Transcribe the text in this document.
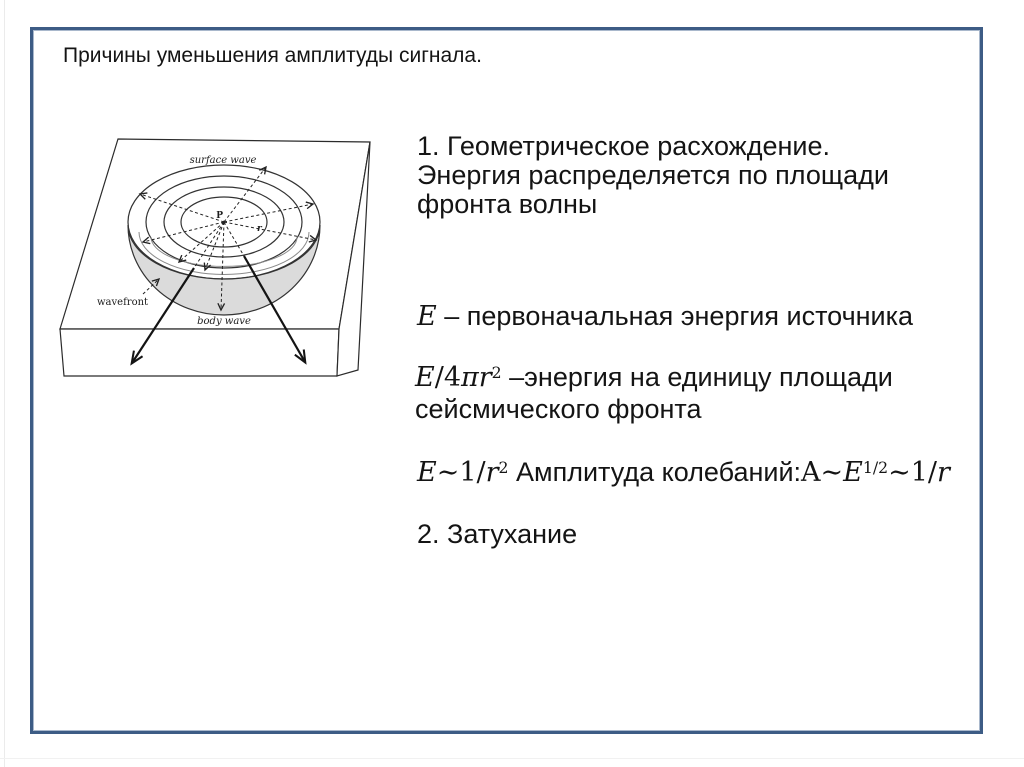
Причины уменьшения амплитуды сигнала.
surface wave
wavefront
body wave
P
r
1. Геометрическое расхождение.
Энергия распределяется по площади
фронта волны
E – первоначальная энергия источника
$E/4\pi r^2$ –энергия на единицу площади
сейсмического фронта
$E\sim 1/r^2$ Амплитуда $колебаний:A\sim E^{1/2}\sim 1/r$
2. Затухание
